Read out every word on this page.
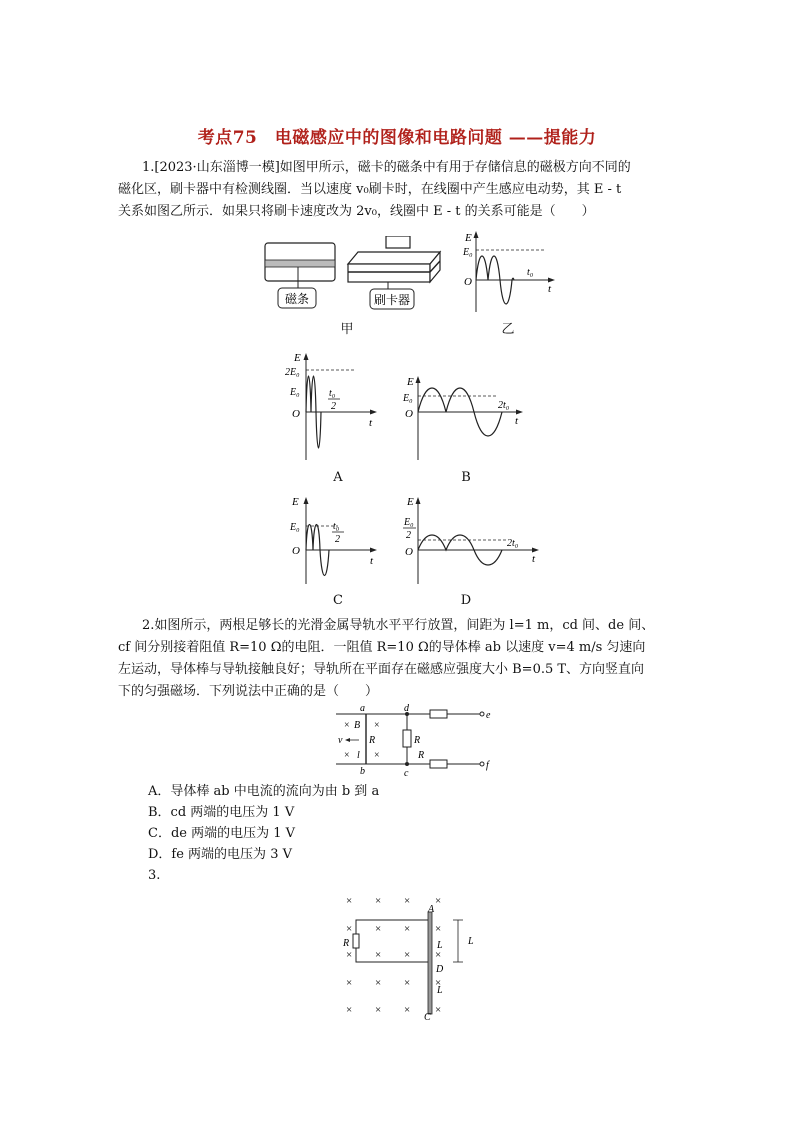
考点75　电磁感应中的图像和电路问题 ——提能力
1.[2023·山东淄博一模]如图甲所示，磁卡的磁条中有用于存储信息的磁极方向不同的
磁化区，刷卡器中有检测线圈．当以速度 v₀刷卡时，在线圈中产生感应电动势，其 E - t
关系如图乙所示．如果只将刷卡速度改为 2v₀，线圈中 E - t 的关系可能是（　　）
磁条	刷卡器
甲
E
E₀
O
t
t₀
乙
E
2E₀
E₀
O
t
t₀
2
A
E
E₀
O
t
2t₀
B
E
E₀
O
t
t₀
2
C
E
E₀
2
O
t
2t₀
D
2.如图所示，两根足够长的光滑金属导轨水平平行放置，间距为 l=1 m，cd 间、de 间、
cf 间分别接着阻值 R=10 Ω的电阻．一阻值 R=10 Ω的导体棒 ab 以速度 v=4 m/s 匀速向
左运动，导体棒与导轨接触良好；导轨所在平面存在磁感应强度大小 B=0.5 T、方向竖直向
下的匀强磁场．下列说法中正确的是（　　）
a
b
d
c
e
f
× B ×
v	R
× l ×
R
R
A．导体棒 ab 中电流的流向为由 b 到 a
B．cd 两端的电压为 1 V
C．de 两端的电压为 1 V
D．fe 两端的电压为 3 V
3.
× × × ×
× × × ×
× × × ×
× × × ×
× × × ×
R
A
C
D
L
L
L
